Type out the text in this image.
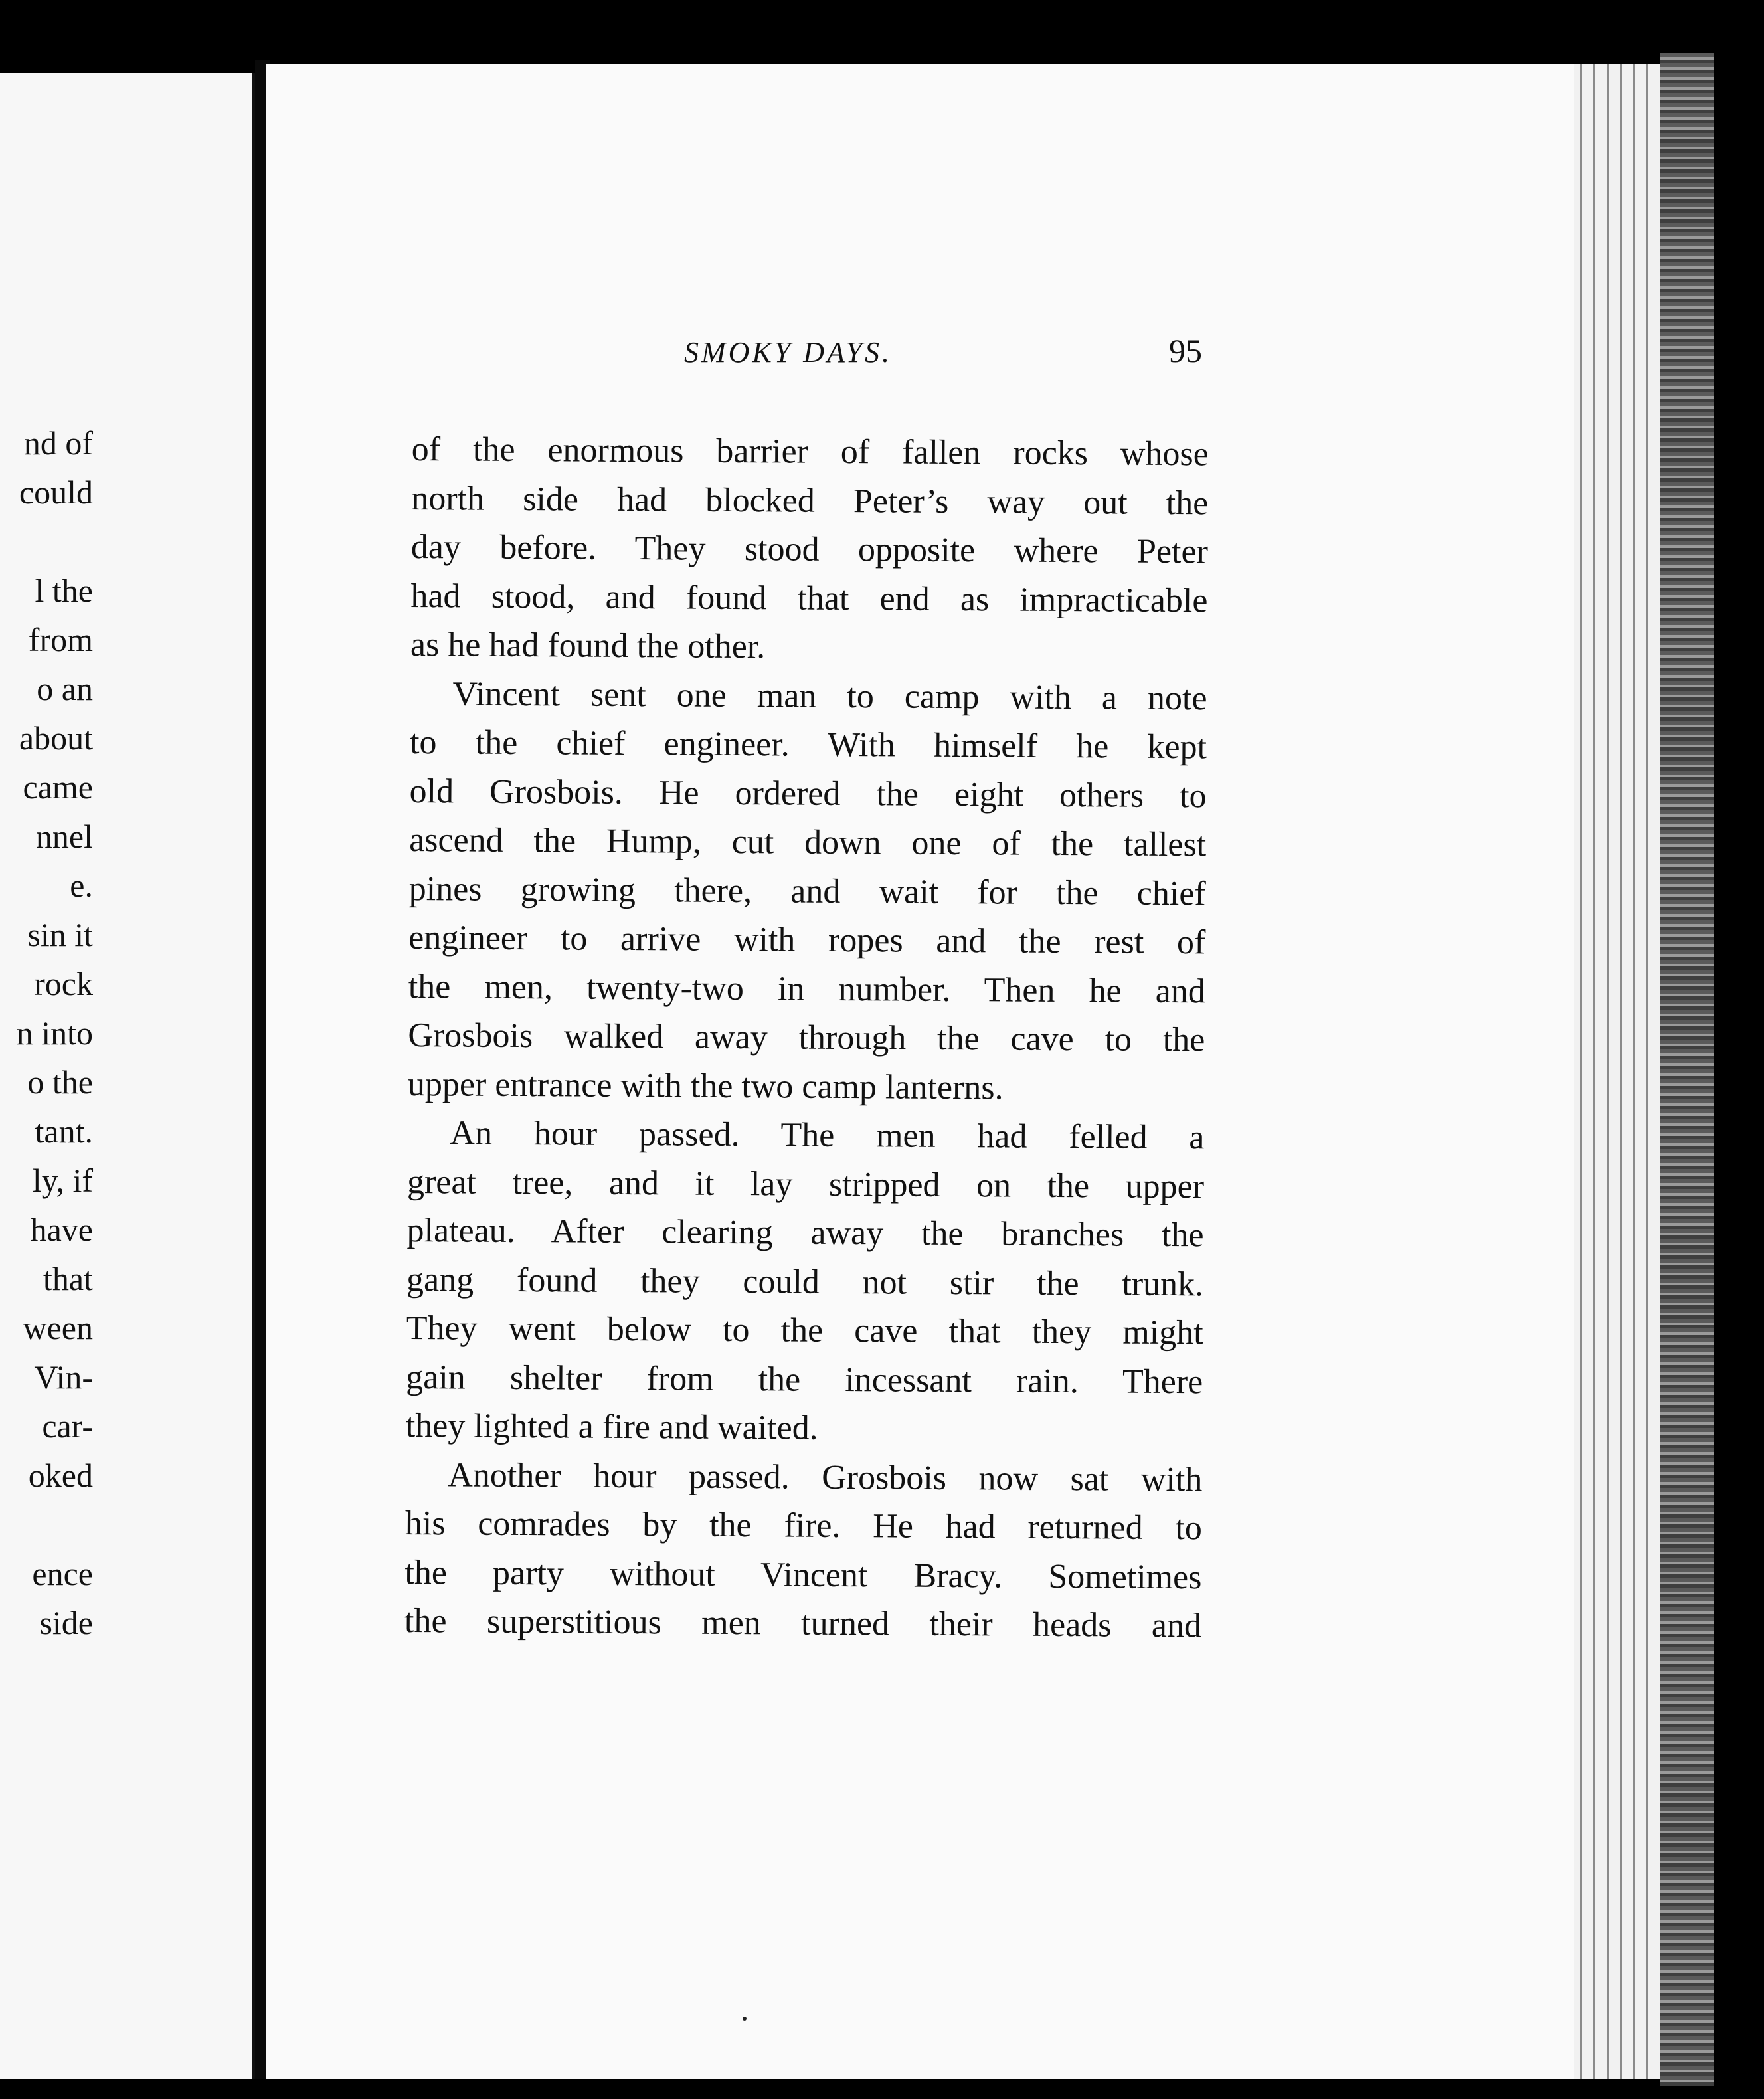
nd of
could
l the
from
o an
about
came
nnel
e.
sin it
rock
n into
o the
tant.
ly, if
have
that
ween
Vin-
car-
oked
ence
side
SMOKY DAYS.	95
of the enormous barrier of fallen rocks whose
north side had blocked Peter’s way out the
day before. They stood opposite where Peter
had stood, and found that end as impracticable
as he had found the other.
Vincent sent one man to camp with a note
to the chief engineer. With himself he kept
old Grosbois. He ordered the eight others to
ascend the Hump, cut down one of the tallest
pines growing there, and wait for the chief
engineer to arrive with ropes and the rest of
the men, twenty-two in number. Then he and
Grosbois walked away through the cave to the
upper entrance with the two camp lanterns.
An hour passed. The men had felled a
great tree, and it lay stripped on the upper
plateau. After clearing away the branches the
gang found they could not stir the trunk.
They went below to the cave that they might
gain shelter from the incessant rain. There
they lighted a fire and waited.
Another hour passed. Grosbois now sat with
his comrades by the fire. He had returned to
the party without Vincent Bracy. Sometimes
the superstitious men turned their heads and
